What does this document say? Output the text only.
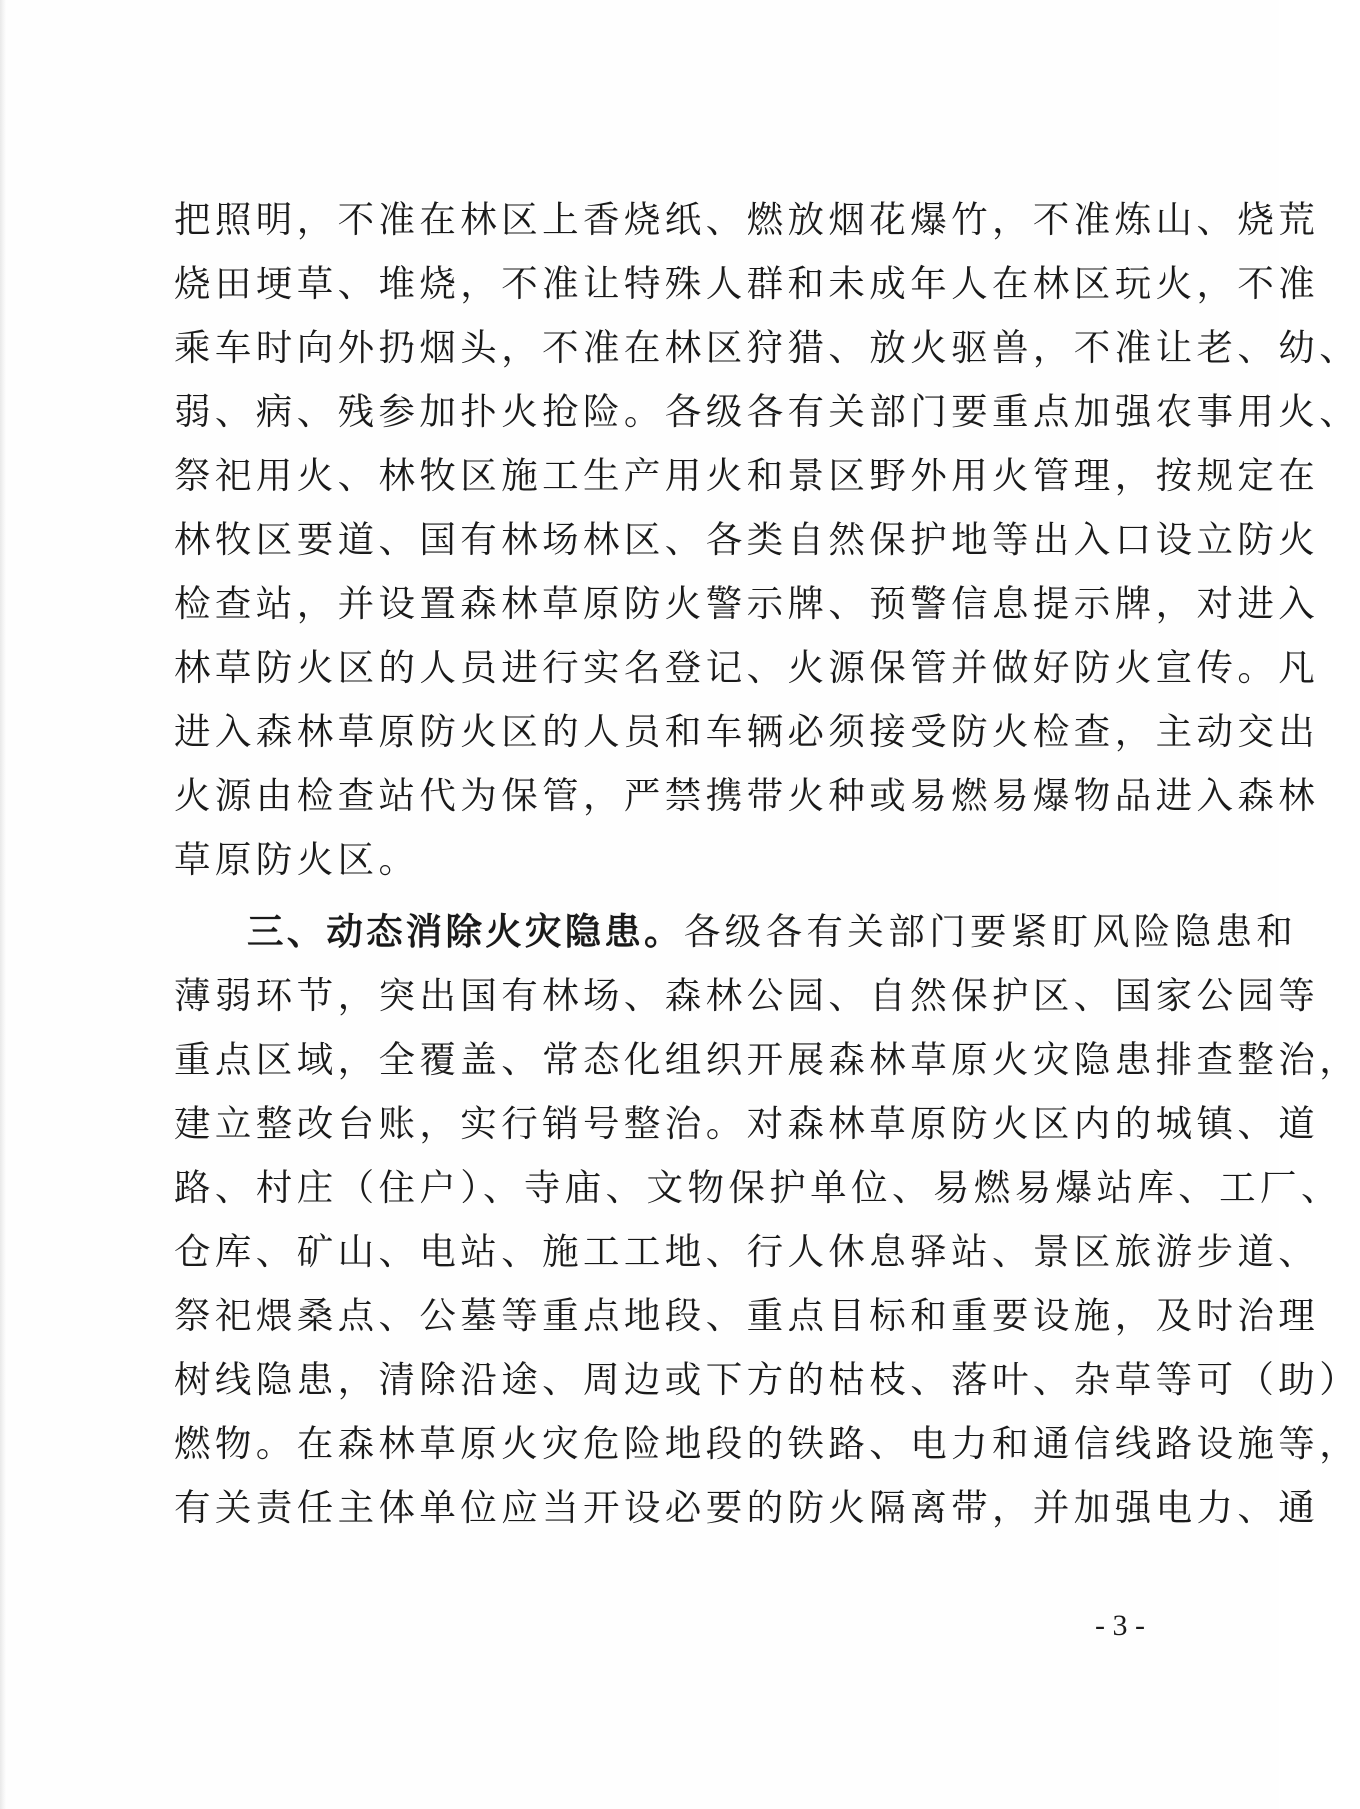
把照明，不准在林区上香烧纸、燃放烟花爆竹，不准炼山、烧荒
烧田埂草、堆烧，不准让特殊人群和未成年人在林区玩火，不准
乘车时向外扔烟头，不准在林区狩猎、放火驱兽，不准让老、幼、
弱、病、残参加扑火抢险。各级各有关部门要重点加强农事用火、
祭祀用火、林牧区施工生产用火和景区野外用火管理，按规定在
林牧区要道、国有林场林区、各类自然保护地等出入口设立防火
检查站，并设置森林草原防火警示牌、预警信息提示牌，对进入
林草防火区的人员进行实名登记、火源保管并做好防火宣传。凡
进入森林草原防火区的人员和车辆必须接受防火检查，主动交出
火源由检查站代为保管，严禁携带火种或易燃易爆物品进入森林
草原防火区。
三、动态消除火灾隐患。各级各有关部门要紧盯风险隐患和
薄弱环节，突出国有林场、森林公园、自然保护区、国家公园等
重点区域，全覆盖、常态化组织开展森林草原火灾隐患排查整治，
建立整改台账，实行销号整治。对森林草原防火区内的城镇、道
路、村庄（住户）、寺庙、文物保护单位、易燃易爆站库、工厂、
仓库、矿山、电站、施工工地、行人休息驿站、景区旅游步道、
祭祀煨桑点、公墓等重点地段、重点目标和重要设施，及时治理
树线隐患，清除沿途、周边或下方的枯枝、落叶、杂草等可（助）
燃物。在森林草原火灾危险地段的铁路、电力和通信线路设施等，
有关责任主体单位应当开设必要的防火隔离带，并加强电力、通
- 3 -
